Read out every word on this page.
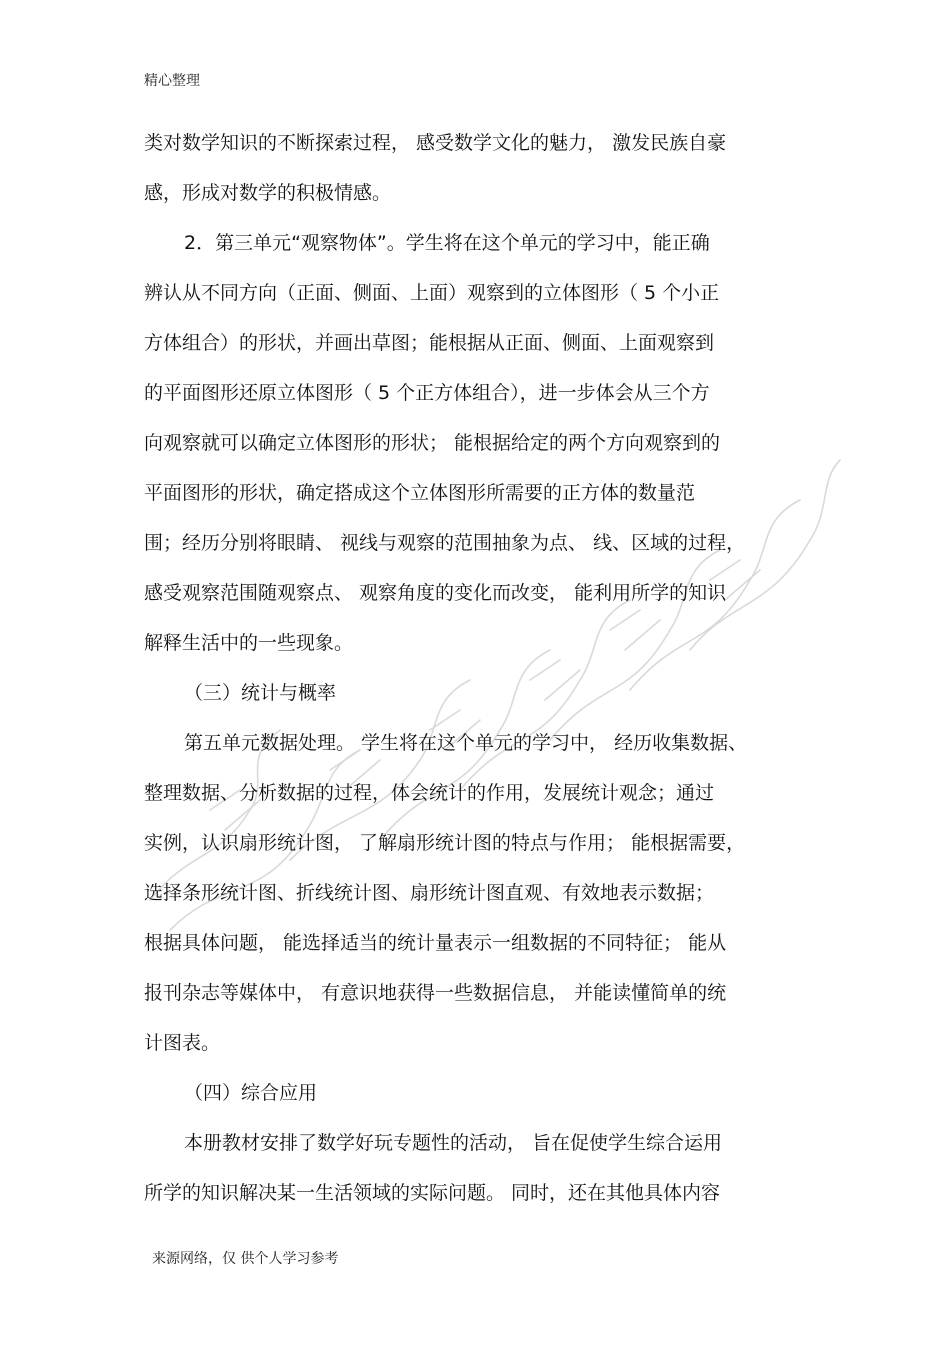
精心整理
类对数学知识的不断探索过程， 感受数学文化的魅力， 激发民族自豪
感，形成对数学的积极情感。
2．第三单元“观察物体”。学生将在这个单元的学习中，能正确
辨认从不同方向（正面、侧面、上面）观察到的立体图形（ 5 个小正
方体组合）的形状，并画出草图；能根据从正面、侧面、上面观察到
的平面图形还原立体图形（ 5 个正方体组合），进一步体会从三个方
向观察就可以确定立体图形的形状； 能根据给定的两个方向观察到的
平面图形的形状，确定搭成这个立体图形所需要的正方体的数量范
围；经历分别将眼睛、 视线与观察的范围抽象为点、 线、区域的过程，
感受观察范围随观察点、 观察角度的变化而改变， 能利用所学的知识
解释生活中的一些现象。
（三）统计与概率
第五单元数据处理。 学生将在这个单元的学习中， 经历收集数据、
整理数据、分析数据的过程，体会统计的作用，发展统计观念；通过
实例，认识扇形统计图， 了解扇形统计图的特点与作用； 能根据需要，
选择条形统计图、折线统计图、扇形统计图直观、有效地表示数据；
根据具体问题， 能选择适当的统计量表示一组数据的不同特征； 能从
报刊杂志等媒体中， 有意识地获得一些数据信息， 并能读懂简单的统
计图表。
（四）综合应用
本册教材安排了数学好玩专题性的活动， 旨在促使学生综合运用
所学的知识解决某一生活领域的实际问题。 同时，还在其他具体内容
来源网络，仅 供个人学习参考
